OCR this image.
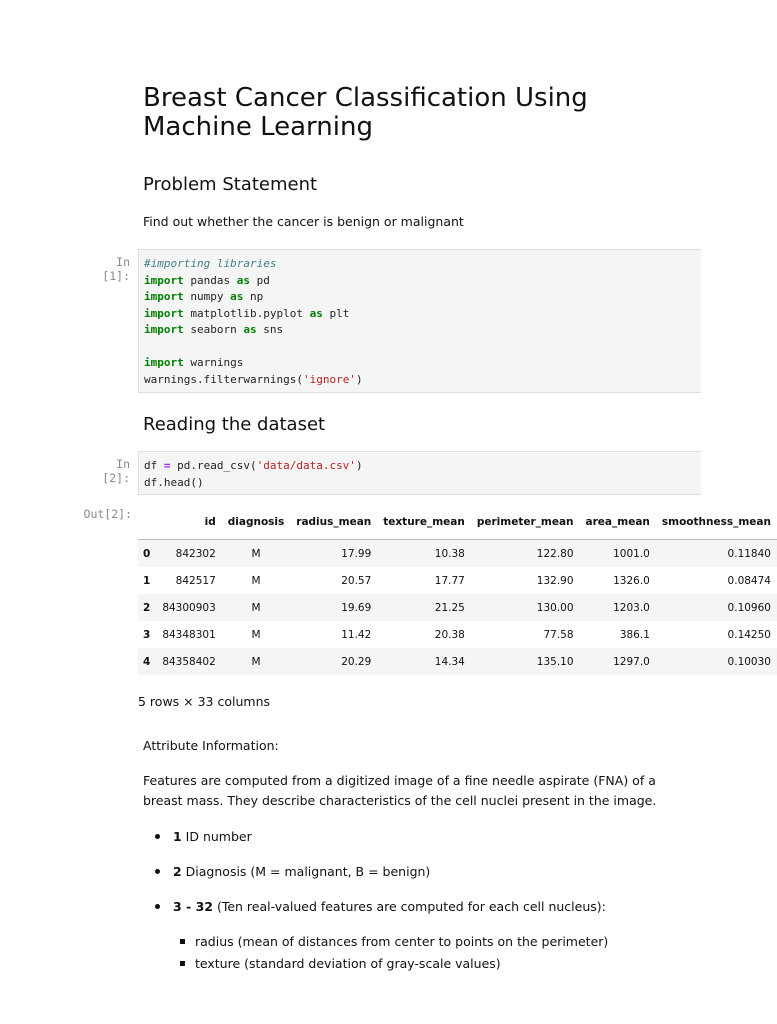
Breast Cancer Classification Using Machine Learning
Problem Statement
Find out whether the cancer is benign or malignant
In [1]:
#importing libraries
import pandas as pd
import numpy as np
import matplotlib.pyplot as plt
import seaborn as sns

import warnings
warnings.filterwarnings('ignore')
Reading the dataset
In [2]:
df = pd.read_csv('data/data.csv')
df.head()
Out[2]:
	id	diagnosis	radius_mean	texture_mean	perimeter_mean	area_mean	smoothness_mean
0	842302	M	17.99	10.38	122.80	1001.0	0.11840
1	842517	M	20.57	17.77	132.90	1326.0	0.08474
2	84300903	M	19.69	21.25	130.00	1203.0	0.10960
3	84348301	M	11.42	20.38	77.58	386.1	0.14250
4	84358402	M	20.29	14.34	135.10	1297.0	0.10030
5 rows × 33 columns
Attribute Information:
Features are computed from a digitized image of a fine needle aspirate (FNA) of a breast mass. They describe characteristics of the cell nuclei present in the image.
1 ID number
2 Diagnosis (M = malignant, B = benign)
3 - 32 (Ten real-valued features are computed for each cell nucleus):
radius (mean of distances from center to points on the perimeter)
texture (standard deviation of gray-scale values)
